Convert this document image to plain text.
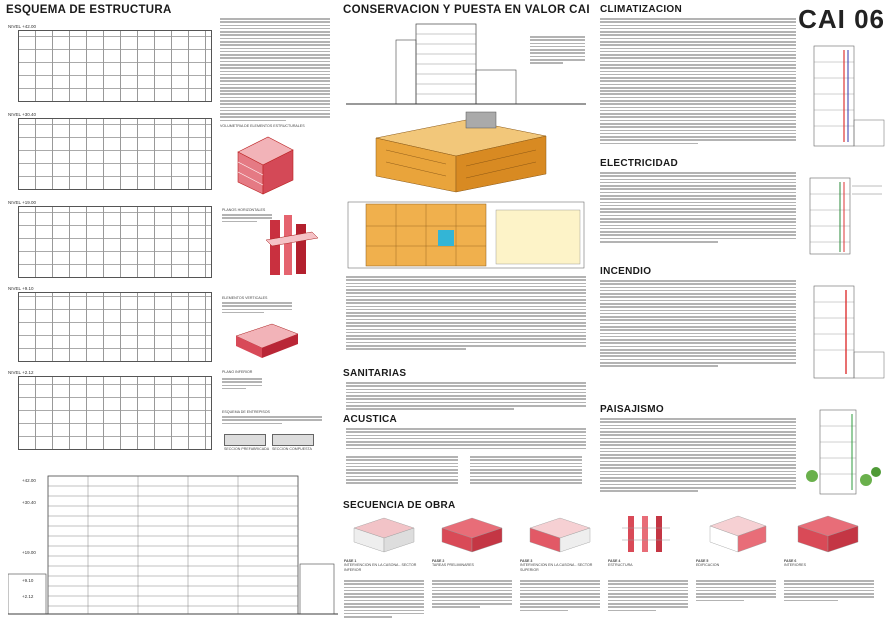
ESQUEMA DE ESTRUCTURA
NIVEL +42.00
NIVEL +30.40
NIVEL +19.00
NIVEL +9.10
NIVEL +2.12
VOLUMETRIA DE ELEMENTOS ESTRUCTURALES
PLANOS HORIZONTALES
ELEMENTOS VERTICALES
PLANO INFERIOR
ESQUEMA DE ENTREPISOS
SECCION PREFABRICADA SECCION COMPUESTA
+42.00
+30.40
+19.00
+9.10
+2.12
CONSERVACION Y PUESTA EN VALOR CAI
SANITARIAS
ACUSTICA
SECUENCIA DE OBRA
CAI 06
CLIMATIZACION
ELECTRICIDAD
INCENDIO
PAISAJISMO
FASE 1
INTERVENCION EN LA CASONA - SECTOR INFERIOR
FASE 2
TAREAS PRELIMINARES
FASE 3
INTERVENCION EN LA CASONA - SECTOR SUPERIOR
FASE 4
ESTRUCTURA
FASE 5
EDIFICACION
FASE 6
INTERIORES
